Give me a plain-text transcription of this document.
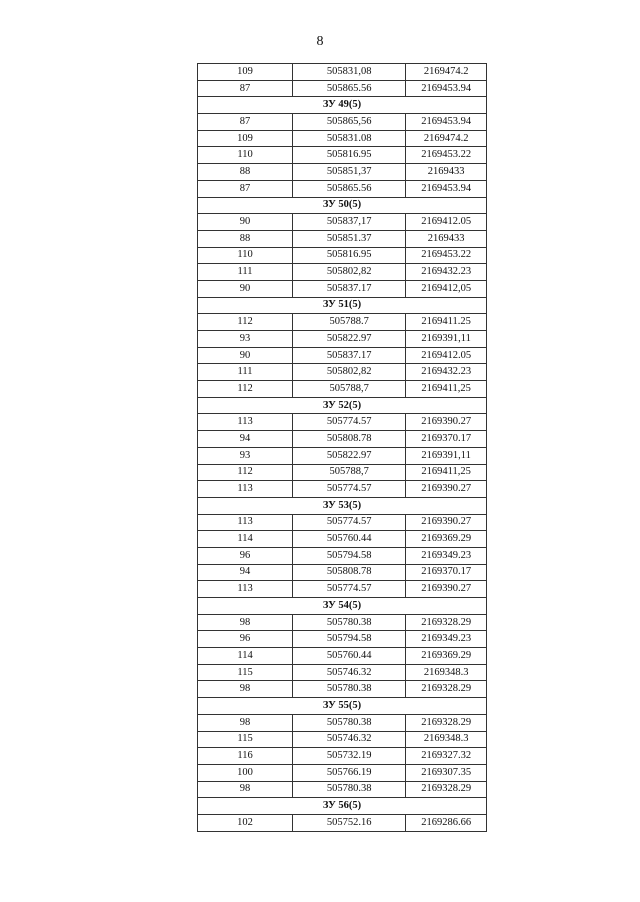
8
109	505831,08	2169474.2
87	505865.56	2169453.94
ЗУ 49(5)		
87	505865,56	2169453.94
109	505831.08	2169474.2
110	505816.95	2169453.22
88	505851,37	2169433
87	505865.56	2169453.94
ЗУ 50(5)		
90	505837,17	2169412.05
88	505851.37	2169433
110	505816.95	2169453.22
111	505802,82	2169432.23
90	505837.17	2169412,05
ЗУ 51(5)		
112	505788.7	2169411.25
93	505822.97	2169391,11
90	505837.17	2169412.05
111	505802,82	2169432.23
112	505788,7	2169411,25
ЗУ 52(5)		
113	505774.57	2169390.27
94	505808.78	2169370.17
93	505822.97	2169391,11
112	505788,7	2169411,25
113	505774.57	2169390.27
ЗУ 53(5)		
113	505774.57	2169390.27
114	505760.44	2169369.29
96	505794.58	2169349.23
94	505808.78	2169370.17
113	505774.57	2169390.27
ЗУ 54(5)		
98	505780.38	2169328.29
96	505794.58	2169349.23
114	505760.44	2169369.29
115	505746.32	2169348.3
98	505780.38	2169328.29
ЗУ 55(5)		
98	505780.38	2169328.29
115	505746.32	2169348.3
116	505732.19	2169327.32
100	505766.19	2169307.35
98	505780.38	2169328.29
ЗУ 56(5)		
102	505752.16	2169286.66
